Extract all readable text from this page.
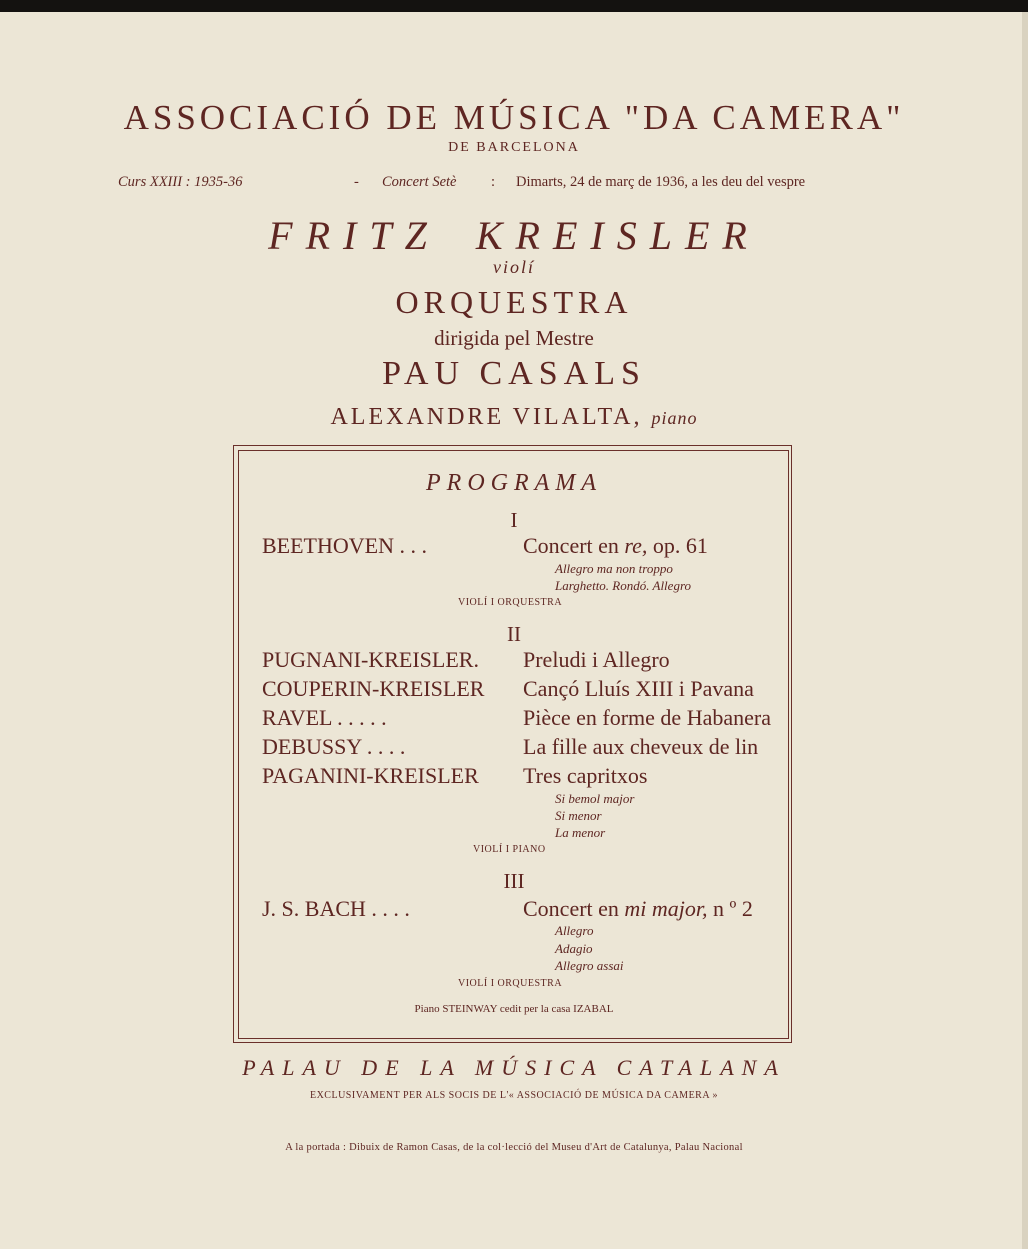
ASSOCIACIÓ DE MÚSICA "DA CAMERA"
DE BARCELONA
Curs XXIII : 1935-36	- Concert Setè : Dimarts, 24 de març de 1936, a les deu del vespre
FRITZ KREISLER
violí
ORQUESTRA
dirigida pel Mestre
PAU CASALS
ALEXANDRE VILALTA, piano
PROGRAMA
I
BEETHOVEN . . .	Concert en re, op. 61
Allegro ma non troppo
Larghetto. Rondó. Allegro
VIOLÍ I ORQUESTRA
II
PUGNANI-KREISLER. Preludi i Allegro
COUPERIN-KREISLER Cançó Lluís XIII i Pavana
RAVEL . . . . .	Pièce en forme de Habanera
DEBUSSY . . . .	La fille aux cheveux de lin
PAGANINI-KREISLER Tres capritxos
Si bemol major
Si menor
La menor
VIOLÍ I PIANO
III
J. S. BACH . . . .	Concert en mi major, n º 2
Allegro
Adagio
Allegro assai
VIOLÍ I ORQUESTRA
Piano STEINWAY cedit per la casa IZABAL
PALAU DE LA MÚSICA CATALANA
EXCLUSIVAMENT PER ALS SOCIS DE L'« ASSOCIACIÓ DE MÚSICA DA CAMERA »
A la portada : Dibuix de Ramon Casas, de la col·lecció del Museu d'Art de Catalunya, Palau Nacional
